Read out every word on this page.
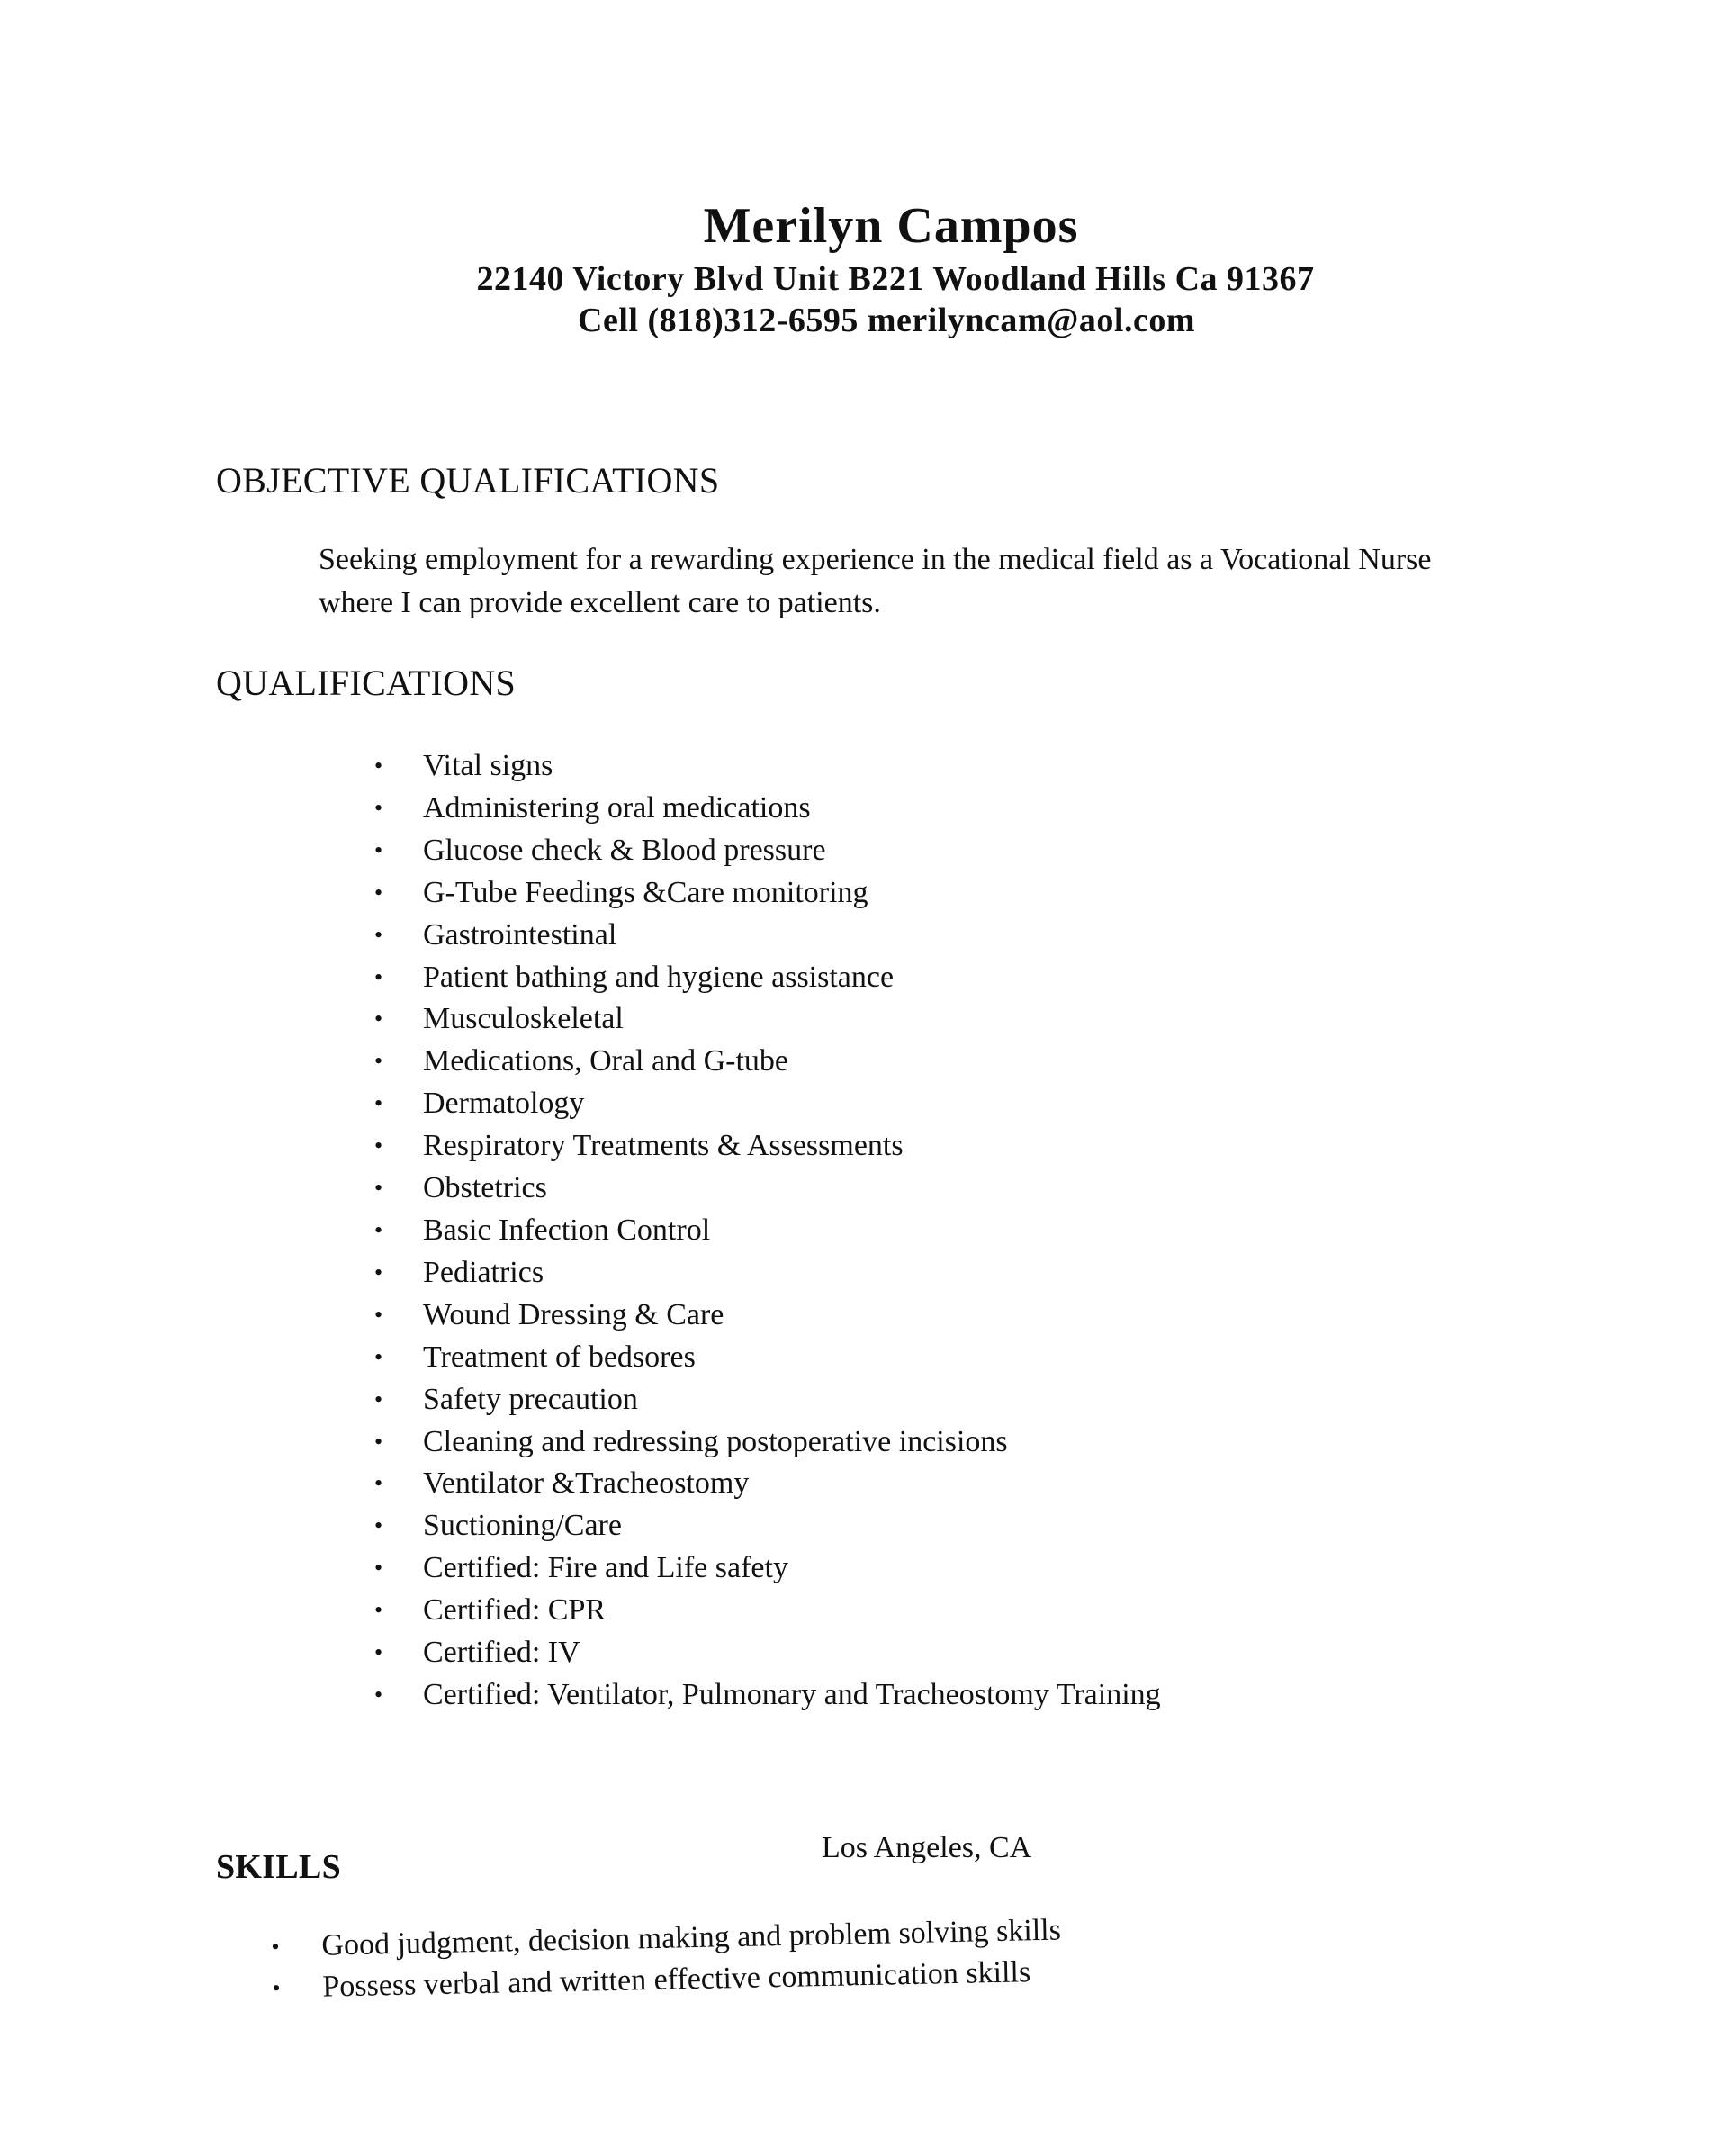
Merilyn Campos
22140 Victory Blvd Unit B221 Woodland Hills Ca 91367
Cell (818)312-6595 merilyncam@aol.com
OBJECTIVE QUALIFICATIONS

Seeking employment for a rewarding experience in the medical field as a Vocational Nurse
where I can provide excellent care to patients.

QUALIFICATIONS
• Vital signs
• Administering oral medications
• Glucose check & Blood pressure
• G-Tube Feedings &Care monitoring
• Gastrointestinal
• Patient bathing and hygiene assistance
• Musculoskeletal
• Medications, Oral and G-tube
• Dermatology
• Respiratory Treatments & Assessments
• Obstetrics
• Basic Infection Control
• Pediatrics
• Wound Dressing & Care
• Treatment of bedsores
• Safety precaution
• Cleaning and redressing postoperative incisions
• Ventilator &Tracheostomy
• Suctioning/Care
• Certified: Fire and Life safety
• Certified: CPR
• Certified: IV
• Certified: Ventilator, Pulmonary and Tracheostomy Training
SKILLS

Los Angeles, CA

• Good judgment, decision making and problem solving skills
• Possess verbal and written effective communication skills
